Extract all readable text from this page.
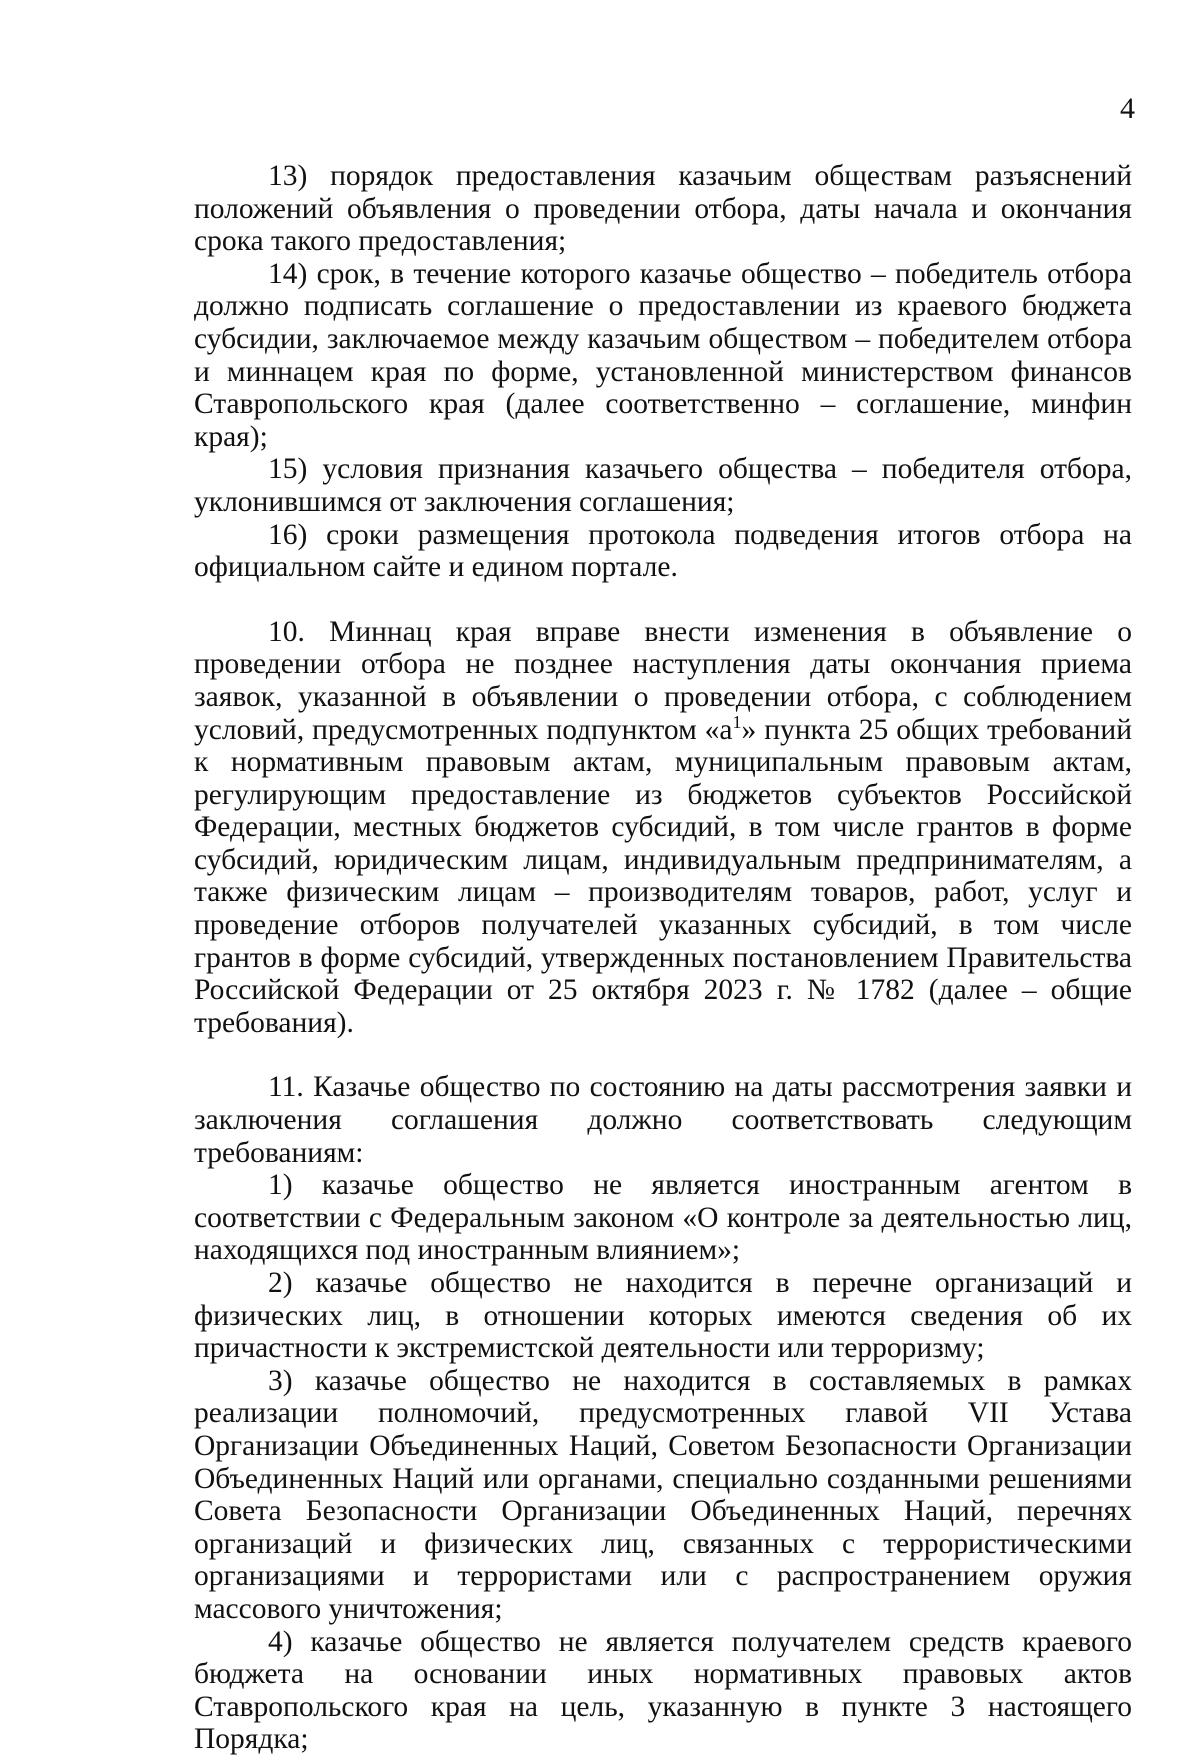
4

13) порядок предоставления казачьим обществам разъяснений положений объявления о проведении отбора, даты начала и окончания срока такого предоставления;

14) срок, в течение которого казачье общество – победитель отбора должно подписать соглашение о предоставлении из краевого бюджета субсидии, заключаемое между казачьим обществом – победителем отбора и миннацем края по форме, установленной министерством финансов Ставропольского края (далее соответственно – соглашение, минфин края);

15) условия признания казачьего общества – победителя отбора, уклонившимся от заключения соглашения;

16) сроки размещения протокола подведения итогов отбора на официальном сайте и едином портале.

10. Миннац края вправе внести изменения в объявление о проведении отбора не позднее наступления даты окончания приема заявок, указанной в объявлении о проведении отбора, с соблюдением условий, предусмотренных подпунктом «$а^1$» пункта 25 общих требований к нормативным правовым актам, муниципальным правовым актам, регулирующим предоставление из бюджетов субъектов Российской Федерации, местных бюджетов субсидий, в том числе грантов в форме субсидий, юридическим лицам, индивидуальным предпринимателям, а также физическим лицам – производителям товаров, работ, услуг и проведение отборов получателей указанных субсидий, в том числе грантов в форме субсидий, утвержденных постановлением Правительства Российской Федерации от 25 октября 2023 г. № 1782 (далее – общие требования).

11. Казачье общество по состоянию на даты рассмотрения заявки и заключения соглашения должно соответствовать следующим требованиям:

1) казачье общество не является иностранным агентом в соответствии с Федеральным законом «О контроле за деятельностью лиц, находящихся под иностранным влиянием»;

2) казачье общество не находится в перечне организаций и физических лиц, в отношении которых имеются сведения об их причастности к экстремистской деятельности или терроризму;

3) казачье общество не находится в составляемых в рамках реализации полномочий, предусмотренных главой VII Устава Организации Объединенных Наций, Советом Безопасности Организации Объединенных Наций или органами, специально созданными решениями Совета Безопасности Организации Объединенных Наций, перечнях организаций и физических лиц, связанных с террористическими организациями и террористами или с распространением оружия массового уничтожения;

4) казачье общество не является получателем средств краевого бюджета на основании иных нормативных правовых актов Ставропольского края на цель, указанную в пункте 3 настоящего Порядка;
